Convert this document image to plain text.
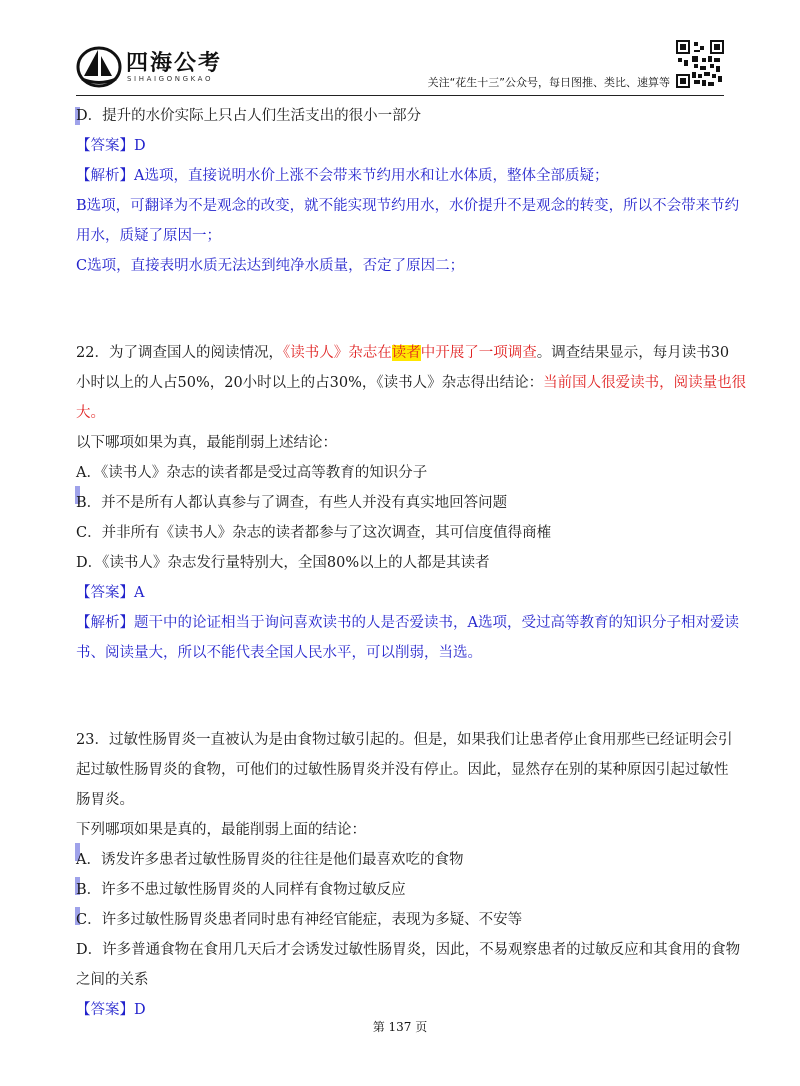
四海公考
SIHAIGONGKAO	关注“花生十三”公众号，每日图推、类比、速算等
D．提升的水价实际上只占人们生活支出的很小一部分
【答案】D
【解析】A选项，直接说明水价上涨不会带来节约用水和让水体质，整体全部质疑；
B选项，可翻译为不是观念的改变，就不能实现节约用水，水价提升不是观念的转变，所以不会带来节约
用水，质疑了原因一；
C选项，直接表明水质无法达到纯净水质量，否定了原因二；
22．为了调查国人的阅读情况，《读书人》杂志在读者中开展了一项调查。调查结果显示，每月读书30
小时以上的人占50%，20小时以上的占30%，《读书人》杂志得出结论：当前国人很爱读书，阅读量也很
大。
以下哪项如果为真，最能削弱上述结论：
A．《读书人》杂志的读者都是受过高等教育的知识分子
B．并不是所有人都认真参与了调查，有些人并没有真实地回答问题
C．并非所有《读书人》杂志的读者都参与了这次调查，其可信度值得商榷
D．《读书人》杂志发行量特别大，全国80%以上的人都是其读者
【答案】A
【解析】题干中的论证相当于询问喜欢读书的人是否爱读书，A选项，受过高等教育的知识分子相对爱读
书、阅读量大，所以不能代表全国人民水平，可以削弱，当选。
23．过敏性肠胃炎一直被认为是由食物过敏引起的。但是，如果我们让患者停止食用那些已经证明会引
起过敏性肠胃炎的食物，可他们的过敏性肠胃炎并没有停止。因此，显然存在别的某种原因引起过敏性
肠胃炎。
下列哪项如果是真的，最能削弱上面的结论：
A．诱发许多患者过敏性肠胃炎的往往是他们最喜欢吃的食物
B．许多不患过敏性肠胃炎的人同样有食物过敏反应
C．许多过敏性肠胃炎患者同时患有神经官能症，表现为多疑、不安等
D．许多普通食物在食用几天后才会诱发过敏性肠胃炎，因此，不易观察患者的过敏反应和其食用的食物
之间的关系
【答案】D
第 137 页
